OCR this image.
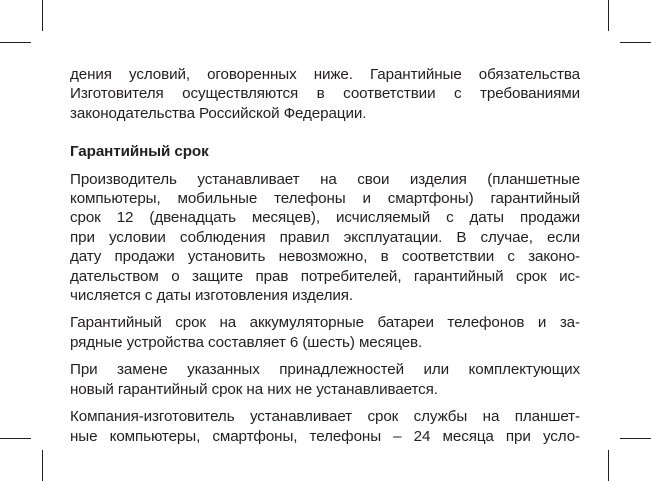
дения условий, оговоренных ниже. Гарантийные обязательства
Изготовителя осуществляются в соответствии с требованиями
законодательства Российской Федерации.

Гарантийный срок

Производитель устанавливает на свои изделия (планшетные
компьютеры, мобильные телефоны и смартфоны) гарантийный
срок 12 (двенадцать месяцев), исчисляемый с даты продажи
при условии соблюдения правил эксплуатации. В случае, если
дату продажи установить невозможно, в соответствии с законо-
дательством о защите прав потребителей, гарантийный срок ис-
числяется с даты изготовления изделия.

Гарантийный срок на аккумуляторные батареи телефонов и за-
рядные устройства составляет 6 (шесть) месяцев.

При замене указанных принадлежностей или комплектующих
новый гарантийный срок на них не устанавливается.

Компания-изготовитель устанавливает срок службы на планшет-
ные компьютеры, смартфоны, телефоны – 24 месяца при усло-
